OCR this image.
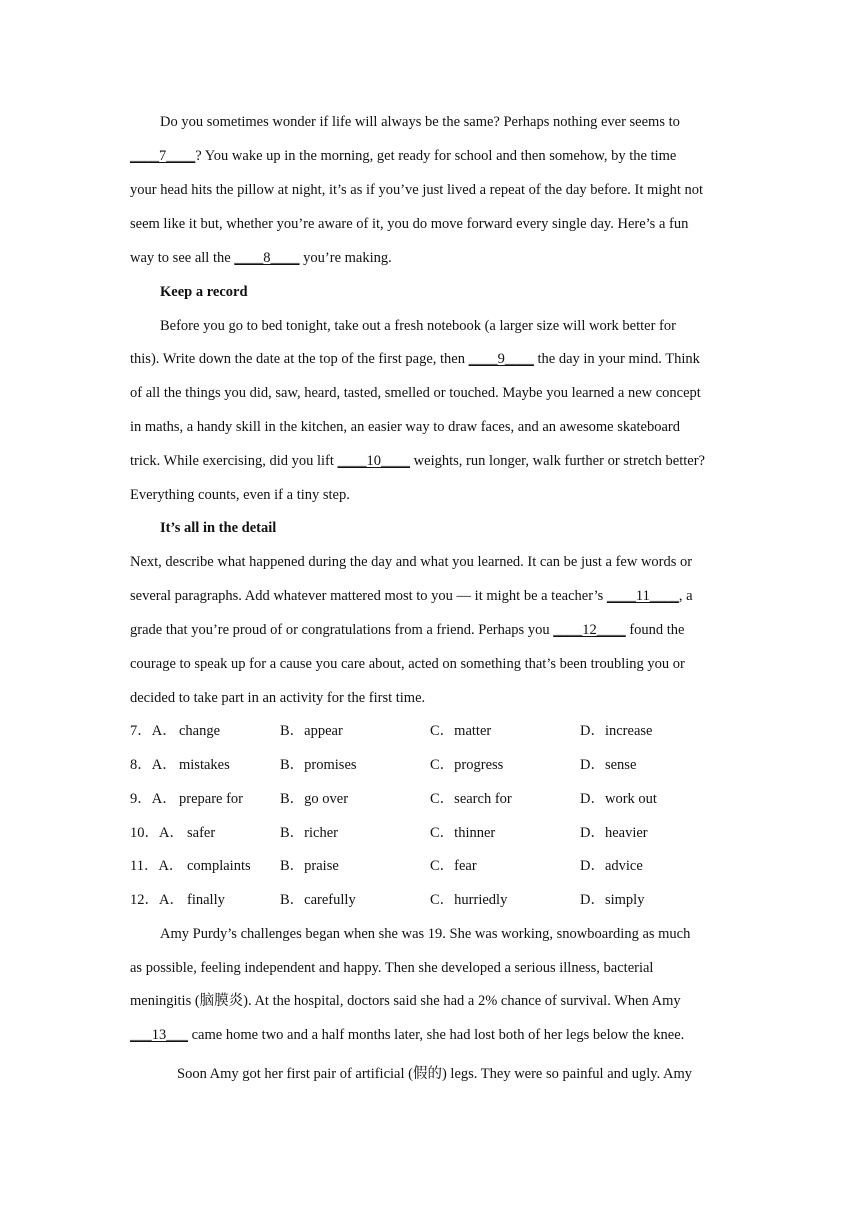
Do you sometimes wonder if life will always be the same? Perhaps nothing ever seems to
____7____? You wake up in the morning, get ready for school and then somehow, by the time
your head hits the pillow at night, it’s as if you’ve just lived a repeat of the day before. It might not
seem like it but, whether you’re aware of it, you do move forward every single day. Here’s a fun
way to see all the ____8____ you’re making.
Keep a record
Before you go to bed tonight, take out a fresh notebook (a larger size will work better for
this). Write down the date at the top of the first page, then ____9____ the day in your mind. Think
of all the things you did, saw, heard, tasted, smelled or touched. Maybe you learned a new concept
in maths, a handy skill in the kitchen, an easier way to draw faces, and an awesome skateboard
trick. While exercising, did you lift ____10____ weights, run longer, walk further or stretch better?
Everything counts, even if a tiny step.
It’s all in the detail
Next, describe what happened during the day and what you learned. It can be just a few words or
several paragraphs. Add whatever mattered most to you — it might be a teacher’s ____11____, a
grade that you’re proud of or congratulations from a friend. Perhaps you ____12____ found the
courage to speak up for a cause you care about, acted on something that’s been troubling you or
decided to take part in an activity for the first time.
7．A． change	B．appear	C．matter	D．increase
8．A． mistakes	B．promises	C．progress	D．sense
9．A． prepare for	B．go over	C．search for	D．work out
10．A． safer	B．richer	C．thinner	D．heavier
11．A． complaints B．praise	C．fear	D．advice
12．A． finally	B．carefully	C．hurriedly	D．simply
Amy Purdy’s challenges began when she was 19. She was working, snowboarding as much
as possible, feeling independent and happy. Then she developed a serious illness, bacterial
meningitis (脑膜炎). At the hospital, doctors said she had a 2% chance of survival. When Amy
___13___ came home two and a half months later, she had lost both of her legs below the knee.
Soon Amy got her first pair of artificial (假的) legs. They were so painful and ugly. Amy
